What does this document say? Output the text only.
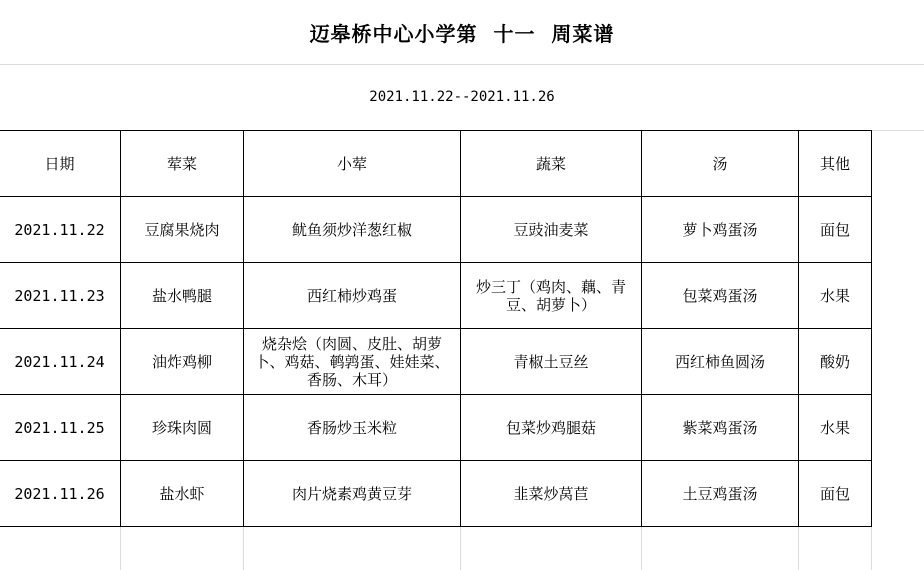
迈皋桥中心小学第  十一  周菜谱
2021.11.22--2021.11.26
日期	荤菜	小荤	蔬菜	汤	其他
2021.11.22	豆腐果烧肉	鱿鱼须炒洋葱红椒	豆豉油麦菜	萝卜鸡蛋汤	面包
2021.11.23	盐水鸭腿	西红柿炒鸡蛋	炒三丁（鸡肉、藕、青豆、胡萝卜）	包菜鸡蛋汤	水果
2021.11.24	油炸鸡柳	烧杂烩（肉圆、皮肚、胡萝卜、鸡菇、鹌鹑蛋、娃娃菜、香肠、木耳）	青椒土豆丝	西红柿鱼圆汤	酸奶
2021.11.25	珍珠肉圆	香肠炒玉米粒	包菜炒鸡腿菇	紫菜鸡蛋汤	水果
2021.11.26	盐水虾	肉片烧素鸡黄豆芽	韭菜炒莴苣	土豆鸡蛋汤	面包
